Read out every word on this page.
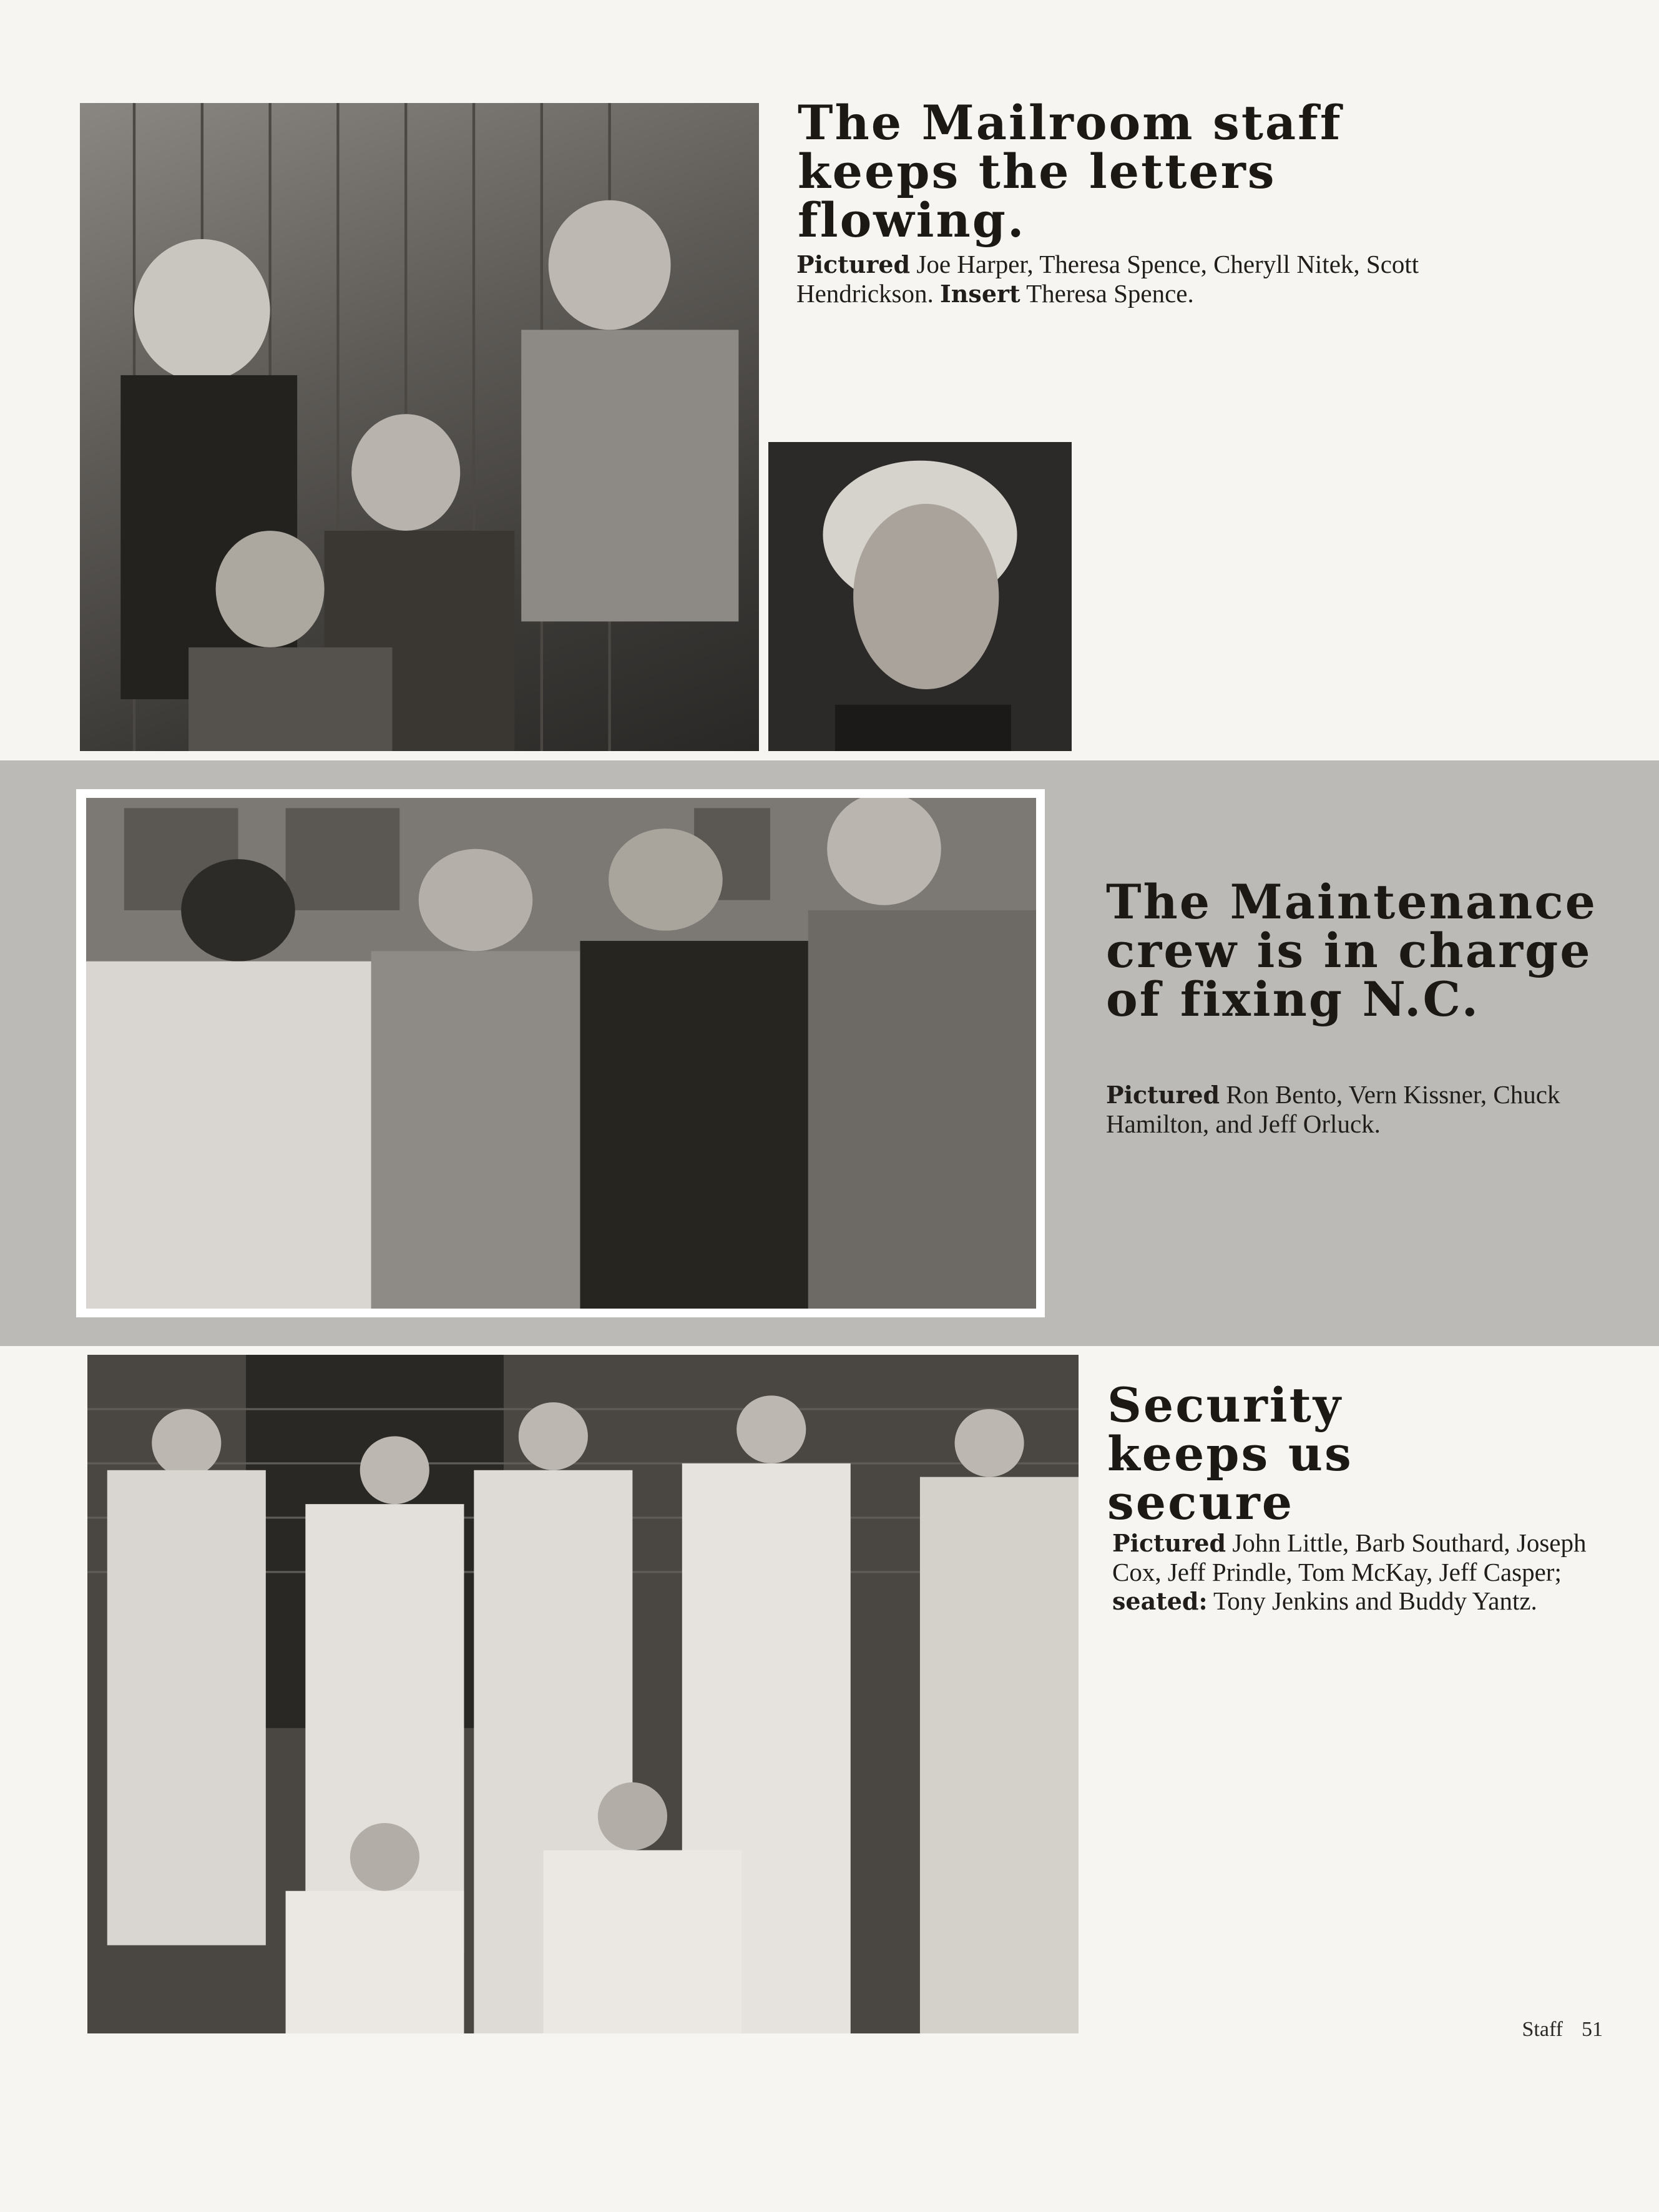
The Mailroom staff keeps the letters flowing.

Pictured Joe Harper, Theresa Spence, Cheryll Nitek, Scott Hendrickson. Insert Theresa Spence.

The Maintenance crew is in charge of fixing N.C.

Pictured Ron Bento, Vern Kissner, Chuck Hamilton, and Jeff Orluck.

Security keeps us secure

Pictured John Little, Barb Southard, Joseph Cox, Jeff Prindle, Tom McKay, Jeff Casper; seated: Tony Jenkins and Buddy Yantz.

Staff 51
